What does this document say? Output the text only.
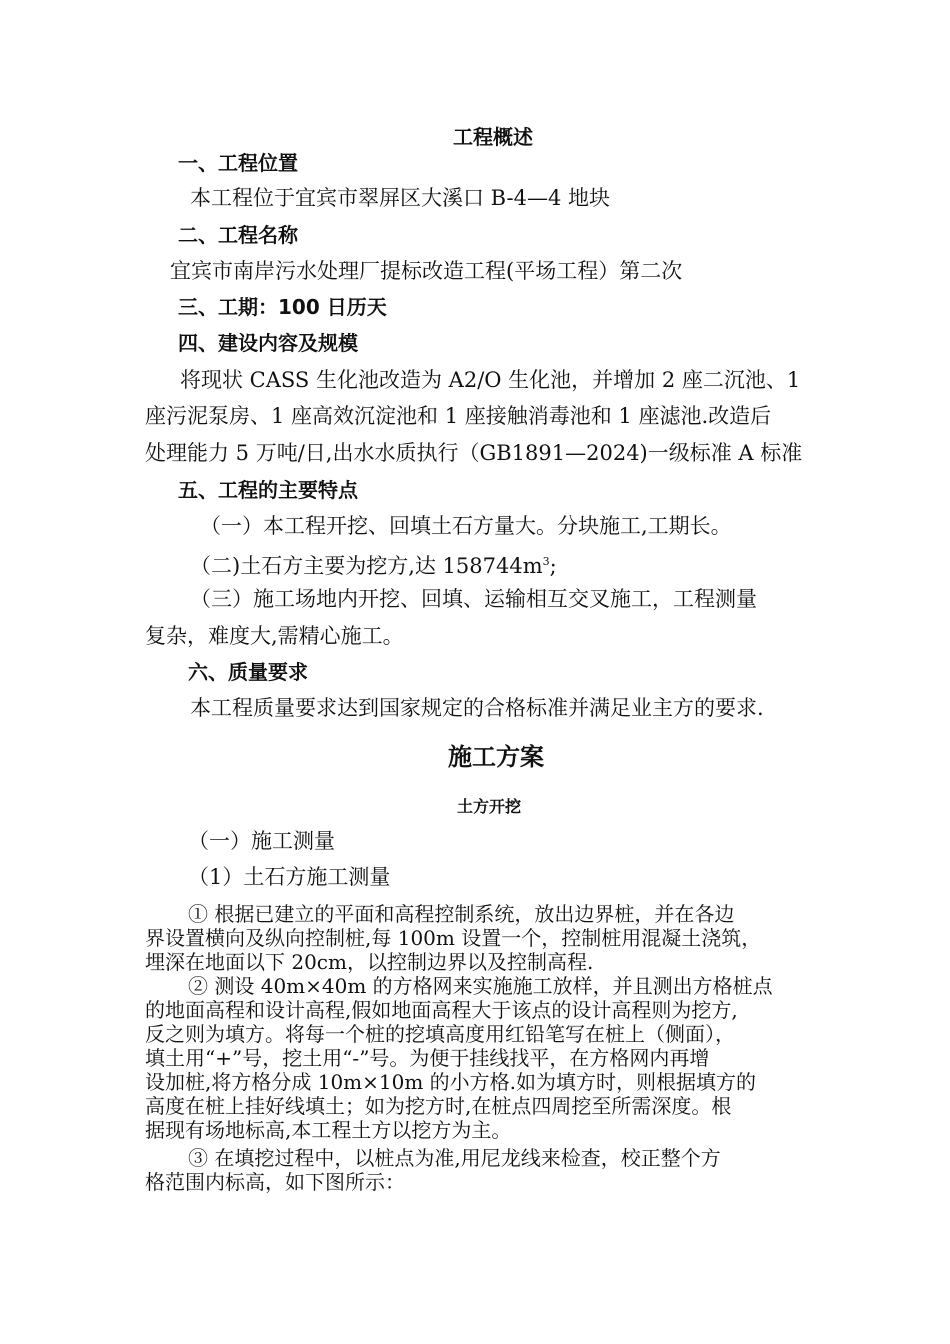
工程概述
一、工程位置
本工程位于宜宾市翠屏区大溪口 B-4—4 地块
二、工程名称
宜宾市南岸污水处理厂提标改造工程(平场工程）第二次
三、工期：100 日历天
四、建设内容及规模
将现状 CASS 生化池改造为 A2/O 生化池，并增加 2 座二沉池、1
座污泥泵房、1 座高效沉淀池和 1 座接触消毒池和 1 座滤池.改造后
处理能力 5 万吨/日,出水水质执行（GB1891—2024)一级标准 A 标准
五、工程的主要特点
（一）本工程开挖、回填土石方量大。分块施工,工期长。
（二)土石方主要为挖方,达 $158744m^3$;
（三）施工场地内开挖、回填、运输相互交叉施工，工程测量
复杂，难度大,需精心施工。
六、质量要求
本工程质量要求达到国家规定的合格标准并满足业主方的要求.
施工方案
土方开挖
（一）施工测量
（1）土石方施工测量
① 根据已建立的平面和高程控制系统，放出边界桩，并在各边
界设置横向及纵向控制桩,每 100m 设置一个，控制桩用混凝土浇筑，
埋深在地面以下 20cm，以控制边界以及控制高程.
② 测设 40m×40m 的方格网来实施施工放样，并且测出方格桩点
的地面高程和设计高程,假如地面高程大于该点的设计高程则为挖方,
反之则为填方。将每一个桩的挖填高度用红铅笔写在桩上（侧面），
填土用“+”号，挖土用“-”号。为便于挂线找平，在方格网内再增
设加桩,将方格分成 10m×10m 的小方格.如为填方时，则根据填方的
高度在桩上挂好线填土；如为挖方时,在桩点四周挖至所需深度。根
据现有场地标高,本工程土方以挖方为主。
③ 在填挖过程中，以桩点为准,用尼龙线来检查，校正整个方
格范围内标高，如下图所示：
